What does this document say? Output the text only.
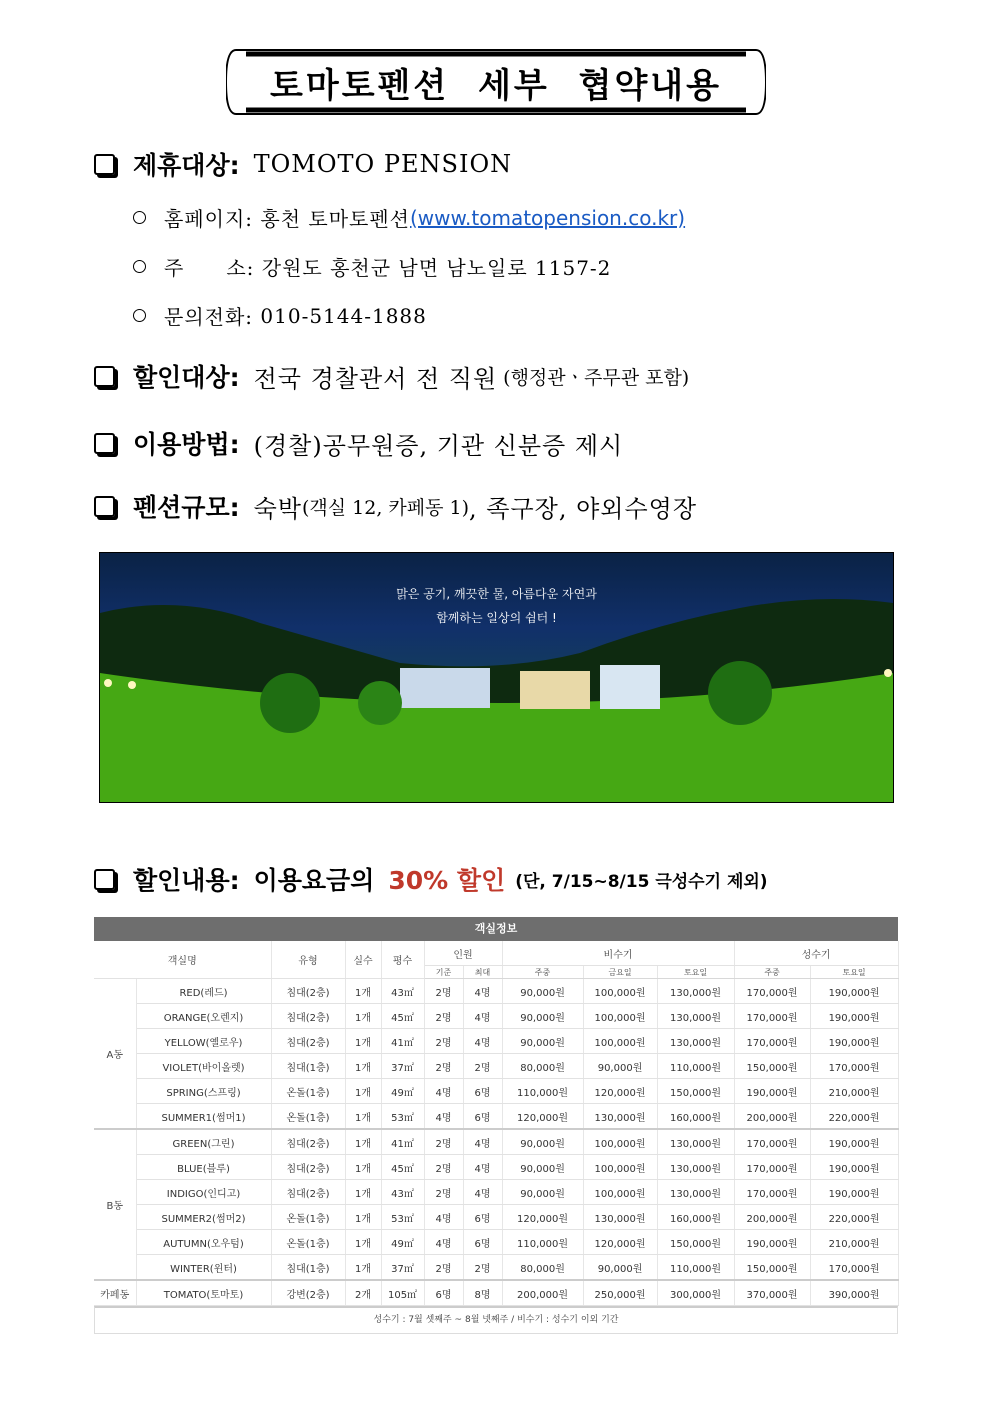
토마토펜션 세부 협약내용
제휴대상: TOMOTO PENSION
홈페이지:
홍천 토마토펜션 (www.tomatopension.co.kr)
주　　소:
강원도 홍천군 남면 남노일로 1157-2
문의전화:
010-5144-1888
할인대상: 전국 경찰관서 전 직원 (행정관ㆍ주무관 포함)
이용방법: (경찰)공무원증, 기관 신분증 제시
펜션규모: 숙박 (객실 12, 카페동 1) , 족구장, 야외수영장
맑은 공기, 깨끗한 물, 아름다운 자연과
함께하는 일상의 쉼터 !
할인내용: 이용요금의 30% 할인 (단, 7/15~8/15 극성수기 제외)
객실정보
객실명		유형	실수	평수	인원		비수기			성수기	
					기준	최대	주중	금요일	토요일	주중	토요일
A동	RED(레드)	침대(2층)	1개	43㎡	2명	4명	90,000원	100,000원	130,000원	170,000원	190,000원
	ORANGE(오렌지)	침대(2층)	1개	45㎡	2명	4명	90,000원	100,000원	130,000원	170,000원	190,000원
	YELLOW(옐로우)	침대(2층)	1개	41㎡	2명	4명	90,000원	100,000원	130,000원	170,000원	190,000원
	VIOLET(바이올렛)	침대(1층)	1개	37㎡	2명	2명	80,000원	90,000원	110,000원	150,000원	170,000원
	SPRING(스프링)	온돌(1층)	1개	49㎡	4명	6명	110,000원	120,000원	150,000원	190,000원	210,000원
	SUMMER1(썸머1)	온돌(1층)	1개	53㎡	4명	6명	120,000원	130,000원	160,000원	200,000원	220,000원
B동	GREEN(그린)	침대(2층)	1개	41㎡	2명	4명	90,000원	100,000원	130,000원	170,000원	190,000원
	BLUE(블루)	침대(2층)	1개	45㎡	2명	4명	90,000원	100,000원	130,000원	170,000원	190,000원
	INDIGO(인디고)	침대(2층)	1개	43㎡	2명	4명	90,000원	100,000원	130,000원	170,000원	190,000원
	SUMMER2(썸머2)	온돌(1층)	1개	53㎡	4명	6명	120,000원	130,000원	160,000원	200,000원	220,000원
	AUTUMN(오우텀)	온돌(1층)	1개	49㎡	4명	6명	110,000원	120,000원	150,000원	190,000원	210,000원
	WINTER(윈터)	침대(1층)	1개	37㎡	2명	2명	80,000원	90,000원	110,000원	150,000원	170,000원
카페동	TOMATO(토마토)	강변(2층)	2개	105㎡	6명	8명	200,000원	250,000원	300,000원	370,000원	390,000원
성수기 : 7월 셋째주 ~ 8월 넷째주 / 비수기 : 성수기 이외 기간
